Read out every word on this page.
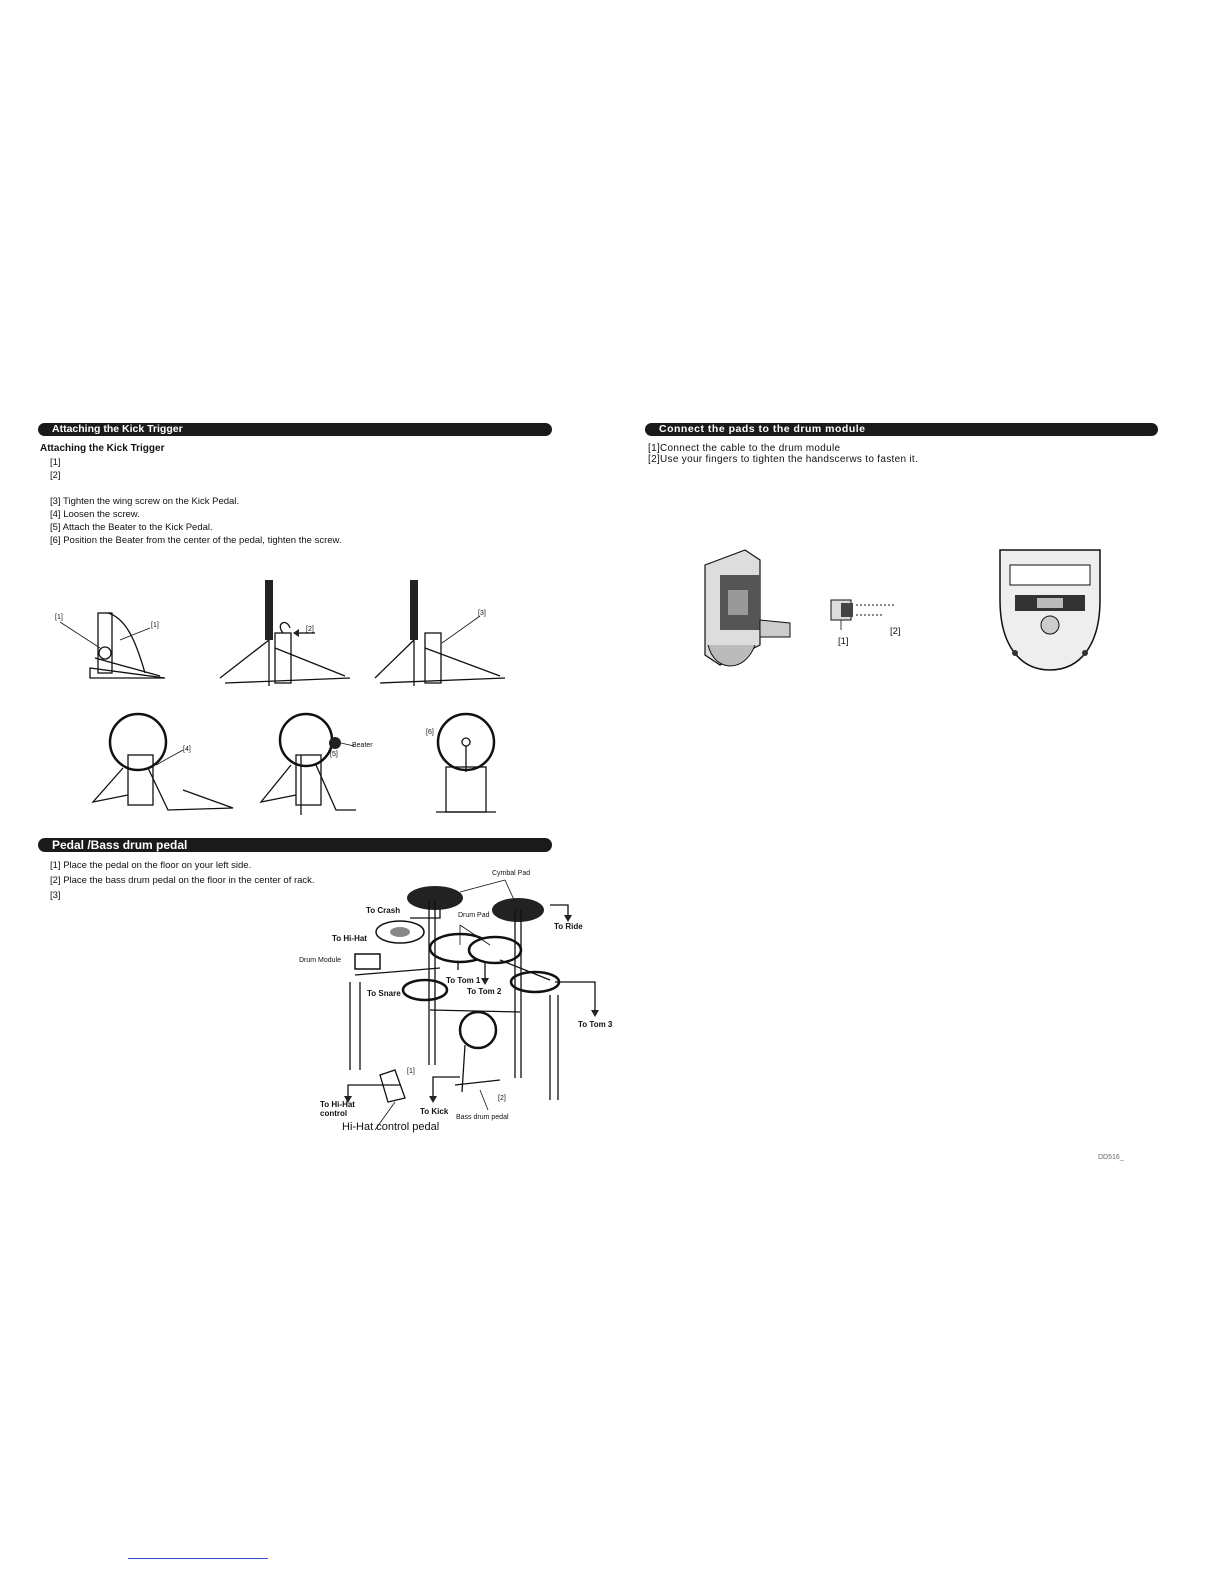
Attaching the Kick Trigger
Attaching the Kick Trigger
[1]
[2]
[3] Tighten the wing screw on the Kick Pedal.
[4] Loosen the screw.
[5] Attach the Beater to the Kick Pedal.
[6] Position the Beater from the center of the pedal, tighten the screw.
[1]
[1]
[2]
[3]
[4]
Beater
[5]
[6]
Pedal /Bass drum pedal
[1] Place the pedal on the floor on your left side.
[2] Place the bass drum pedal on the floor in the center of rack.
[3]
Cymbal Pad
To Crash
To Ride
Drum Pad
To Hi-Hat
Drum Module
To Tom 1
To Snare	To Tom 2
To Tom 3
[1]
[2]
To Hi-Hat control	To Kick
Bass drum pedal
Hi-Hat control pedal
Connect the pads to the drum module
[1]Connect the cable to the drum module
[2]Use your fingers to tighten the handscerws to fasten it.
[1]
[2]
DD516_
